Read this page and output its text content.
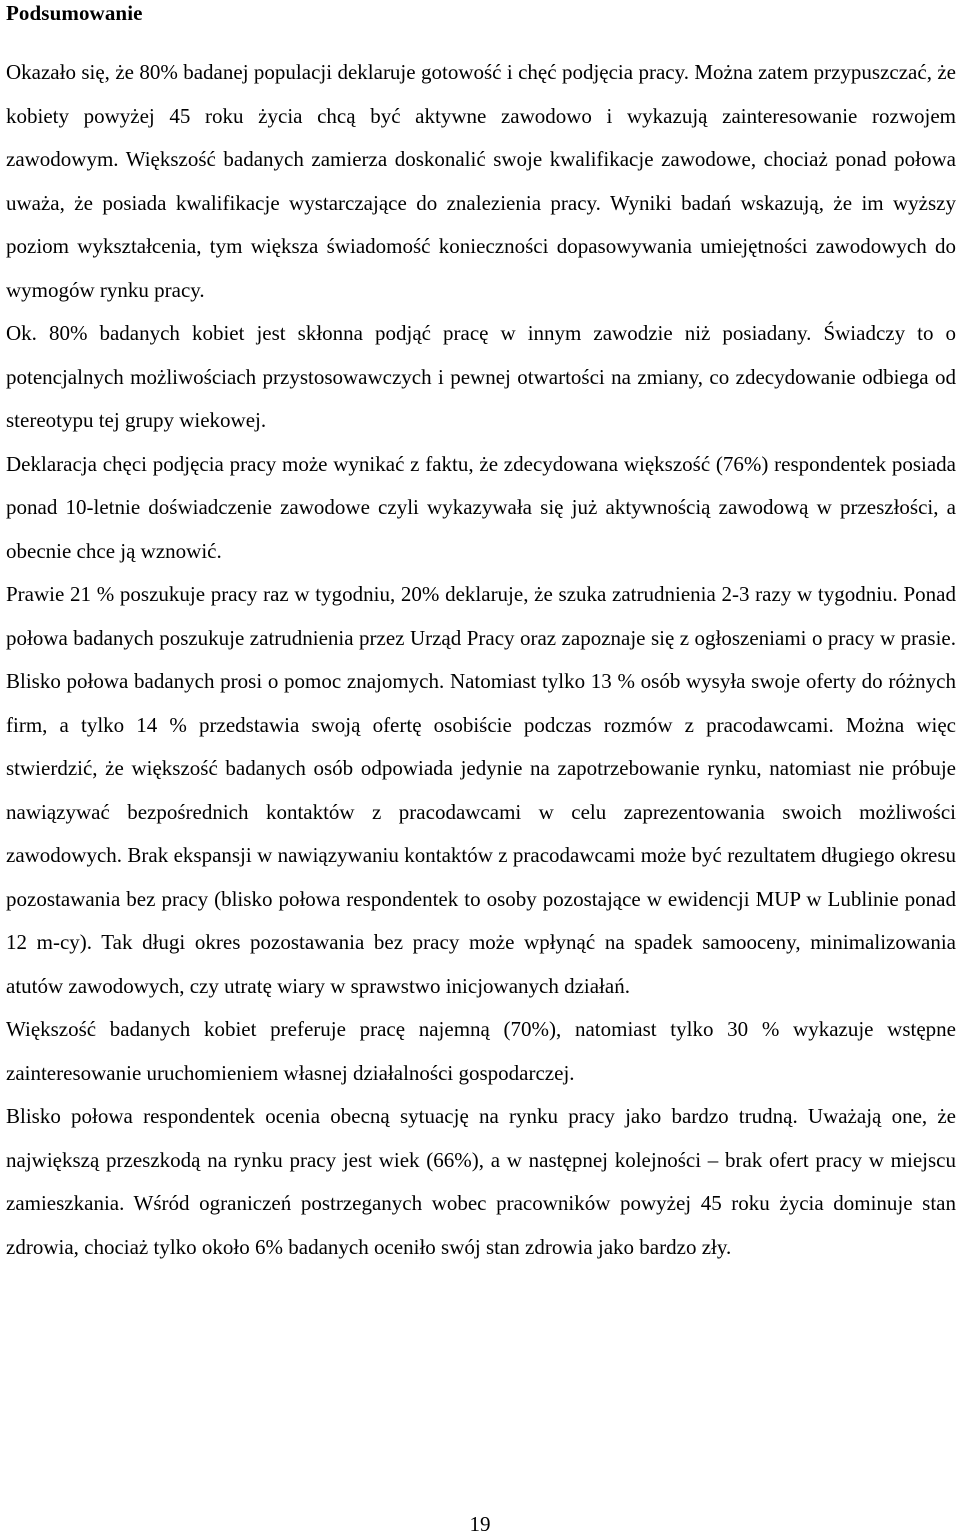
Podsumowanie

Okazało się, że 80% badanej populacji deklaruje gotowość i chęć podjęcia pracy. Można zatem przypuszczać, że kobiety powyżej 45 roku życia chcą być aktywne zawodowo i wykazują zainteresowanie rozwojem zawodowym. Większość badanych zamierza doskonalić swoje kwalifikacje zawodowe, chociaż ponad połowa uważa, że posiada kwalifikacje wystarczające do znalezienia pracy. Wyniki badań wskazują, że im wyższy poziom wykształcenia, tym większa świadomość konieczności dopasowywania umiejętności zawodowych do wymogów rynku pracy.

Ok. 80% badanych kobiet jest skłonna podjąć pracę w innym zawodzie niż posiadany. Świadczy to o potencjalnych możliwościach przystosowawczych i pewnej otwartości na zmiany, co zdecydowanie odbiega od stereotypu tej grupy wiekowej.

Deklaracja chęci podjęcia pracy może wynikać z faktu, że zdecydowana większość (76%) respondentek posiada ponad 10-letnie doświadczenie zawodowe czyli wykazywała się już aktywnością zawodową w przeszłości, a obecnie chce ją wznowić.

Prawie 21 % poszukuje pracy raz w tygodniu, 20% deklaruje, że szuka zatrudnienia 2-3 razy w tygodniu. Ponad połowa badanych poszukuje zatrudnienia przez Urząd Pracy oraz zapoznaje się z ogłoszeniami o pracy w prasie. Blisko połowa badanych prosi o pomoc znajomych. Natomiast tylko 13 % osób wysyła swoje oferty do różnych firm, a tylko 14 % przedstawia swoją ofertę osobiście podczas rozmów z pracodawcami. Można więc stwierdzić, że większość badanych osób odpowiada jedynie na zapotrzebowanie rynku, natomiast nie próbuje nawiązywać bezpośrednich kontaktów z pracodawcami w celu zaprezentowania swoich możliwości zawodowych. Brak ekspansji w nawiązywaniu kontaktów z pracodawcami może być rezultatem długiego okresu pozostawania bez pracy (blisko połowa respondentek to osoby pozostające w ewidencji MUP w Lublinie ponad 12 m-cy). Tak długi okres pozostawania bez pracy może wpłynąć na spadek samooceny, minimalizowania atutów zawodowych, czy utratę wiary w sprawstwo inicjowanych działań.

Większość badanych kobiet preferuje pracę najemną (70%), natomiast tylko 30 % wykazuje wstępne zainteresowanie uruchomieniem własnej działalności gospodarczej.

Blisko połowa respondentek ocenia obecną sytuację na rynku pracy jako bardzo trudną. Uważają one, że największą przeszkodą na rynku pracy jest wiek (66%), a w następnej kolejności – brak ofert pracy w miejscu zamieszkania. Wśród ograniczeń postrzeganych wobec pracowników powyżej 45 roku życia dominuje stan zdrowia, chociaż tylko około 6% badanych oceniło swój stan zdrowia jako bardzo zły.

19
